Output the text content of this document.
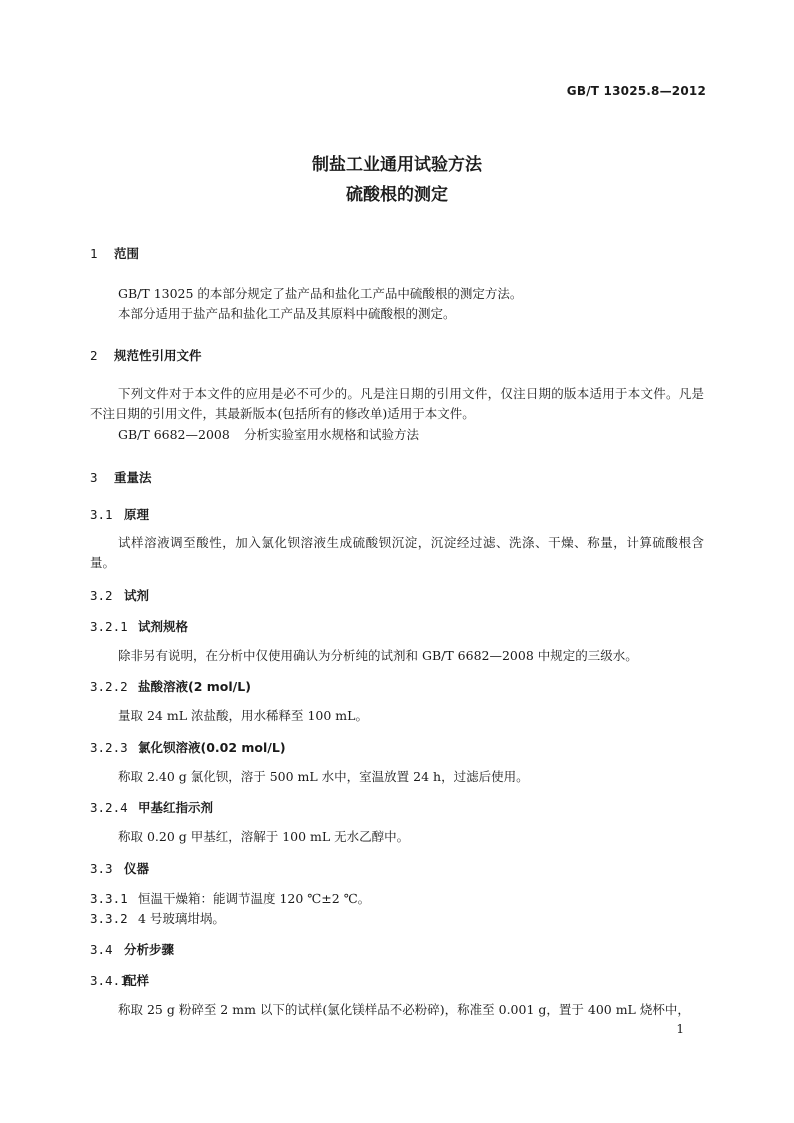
GB/T 13025.8—2012
制盐工业通用试验方法
硫酸根的测定
1 范围
GB/T 13025 的本部分规定了盐产品和盐化工产品中硫酸根的测定方法。
本部分适用于盐产品和盐化工产品及其原料中硫酸根的测定。
2 规范性引用文件
下列文件对于本文件的应用是必不可少的。凡是注日期的引用文件，仅注日期的版本适用于本文件。凡是不注日期的引用文件，其最新版本(包括所有的修改单)适用于本文件。
GB/T 6682—2008 分析实验室用水规格和试验方法
3 重量法
3.1 原理
试样溶液调至酸性，加入氯化钡溶液生成硫酸钡沉淀，沉淀经过滤、洗涤、干燥、称量，计算硫酸根含量。
3.2 试剂
3.2.1 试剂规格
除非另有说明，在分析中仅使用确认为分析纯的试剂和 GB/T 6682—2008 中规定的三级水。
3.2.2 盐酸溶液(2 mol/L)
量取 24 mL 浓盐酸，用水稀释至 100 mL。
3.2.3 氯化钡溶液(0.02 mol/L)
称取 2.40 g 氯化钡，溶于 500 mL 水中，室温放置 24 h，过滤后使用。
3.2.4 甲基红指示剂
称取 0.20 g 甲基红，溶解于 100 mL 无水乙醇中。
3.3 仪器
3.3.1 恒温干燥箱：能调节温度 120 ℃±2 ℃。
3.3.2 4 号玻璃坩埚。
3.4 分析步骤
3.4.1配样
称取 25 g 粉碎至 2 mm 以下的试样(氯化镁样品不必粉碎)，称准至 0.001 g，置于 400 mL 烧杯中，
1
